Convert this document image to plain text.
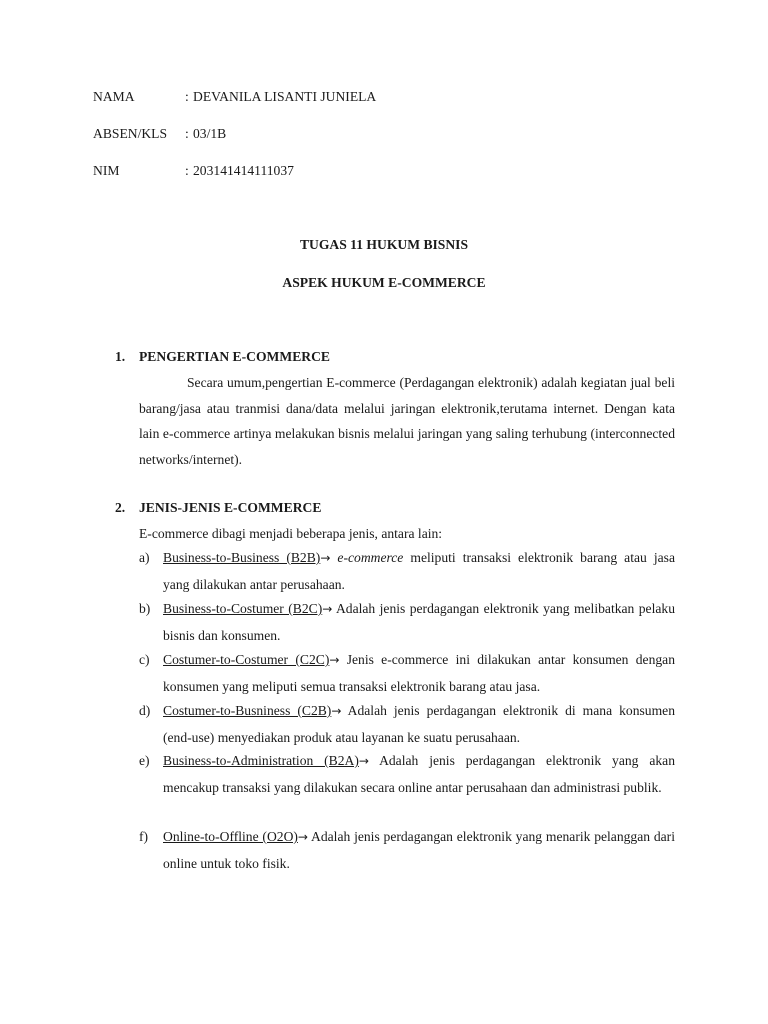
NAMA	: DEVANILA LISANTI JUNIELA
ABSEN/KLS : 03/1B
NIM	: 203141414111037
TUGAS 11 HUKUM BISNIS
ASPEK HUKUM E-COMMERCE
1. PENGERTIAN E-COMMERCE

Secara umum,pengertian E-commerce (Perdagangan elektronik) adalah kegiatan jual beli barang/jasa atau tranmisi dana/data melalui jaringan elektronik,terutama internet. Dengan kata lain e-commerce artinya melakukan bisnis melalui jaringan yang saling terhubung (interconnected networks/internet).

2. JENIS-JENIS E-COMMERCE
E-commerce dibagi menjadi beberapa jenis, antara lain:
a) Business-to-Business (B2B)→ e-commerce meliputi transaksi elektronik barang atau jasa yang dilakukan antar perusahaan.

b) Business-to-Costumer (B2C)→ Adalah jenis perdagangan elektronik yang melibatkan pelaku bisnis dan konsumen.

c) Costumer-to-Costumer (C2C)→ Jenis e-commerce ini dilakukan antar konsumen dengan konsumen yang meliputi semua transaksi elektronik barang atau jasa.

d) Costumer-to-Busniness (C2B)→ Adalah jenis perdagangan elektronik di mana konsumen (end-use) menyediakan produk atau layanan ke suatu perusahaan.

e) Business-to-Administration (B2A)→ Adalah jenis perdagangan elektronik yang akan mencakup transaksi yang dilakukan secara online antar perusahaan dan administrasi publik.

f) Online-to-Offline (O2O)→ Adalah jenis perdagangan elektronik yang menarik pelanggan dari online untuk toko fisik.
